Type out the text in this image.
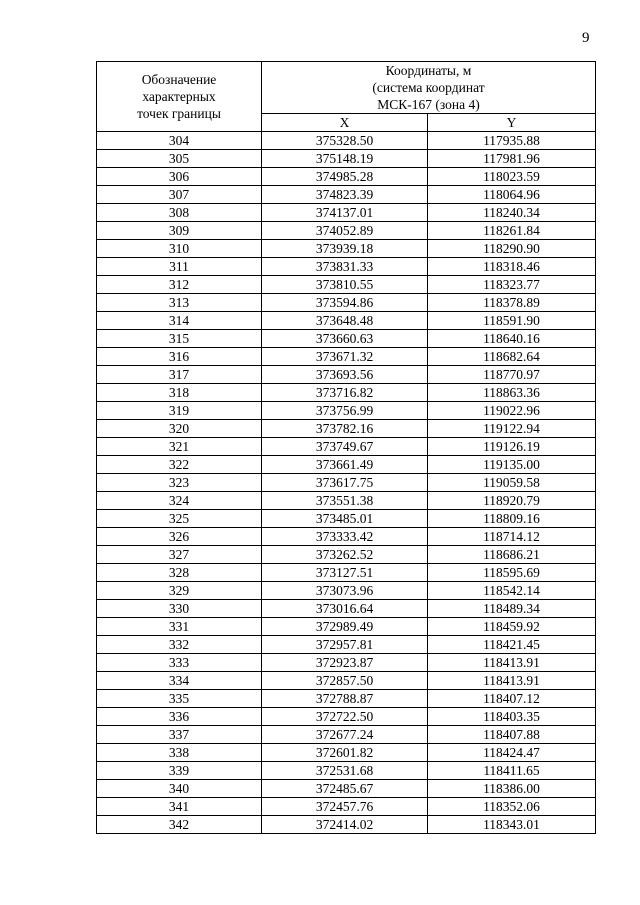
9
Обозначение
характерных
точек границы	Координаты, м
(система координат
МСК-167 (зона 4)	

	X	Y
304	375328.50	117935.88
305	375148.19	117981.96
306	374985.28	118023.59
307	374823.39	118064.96
308	374137.01	118240.34
309	374052.89	118261.84
310	373939.18	118290.90
311	373831.33	118318.46
312	373810.55	118323.77
313	373594.86	118378.89
314	373648.48	118591.90
315	373660.63	118640.16
316	373671.32	118682.64
317	373693.56	118770.97
318	373716.82	118863.36
319	373756.99	119022.96
320	373782.16	119122.94
321	373749.67	119126.19
322	373661.49	119135.00
323	373617.75	119059.58
324	373551.38	118920.79
325	373485.01	118809.16
326	373333.42	118714.12
327	373262.52	118686.21
328	373127.51	118595.69
329	373073.96	118542.14
330	373016.64	118489.34
331	372989.49	118459.92
332	372957.81	118421.45
333	372923.87	118413.91
334	372857.50	118413.91
335	372788.87	118407.12
336	372722.50	118403.35
337	372677.24	118407.88
338	372601.82	118424.47
339	372531.68	118411.65
340	372485.67	118386.00
341	372457.76	118352.06
342	372414.02	118343.01
